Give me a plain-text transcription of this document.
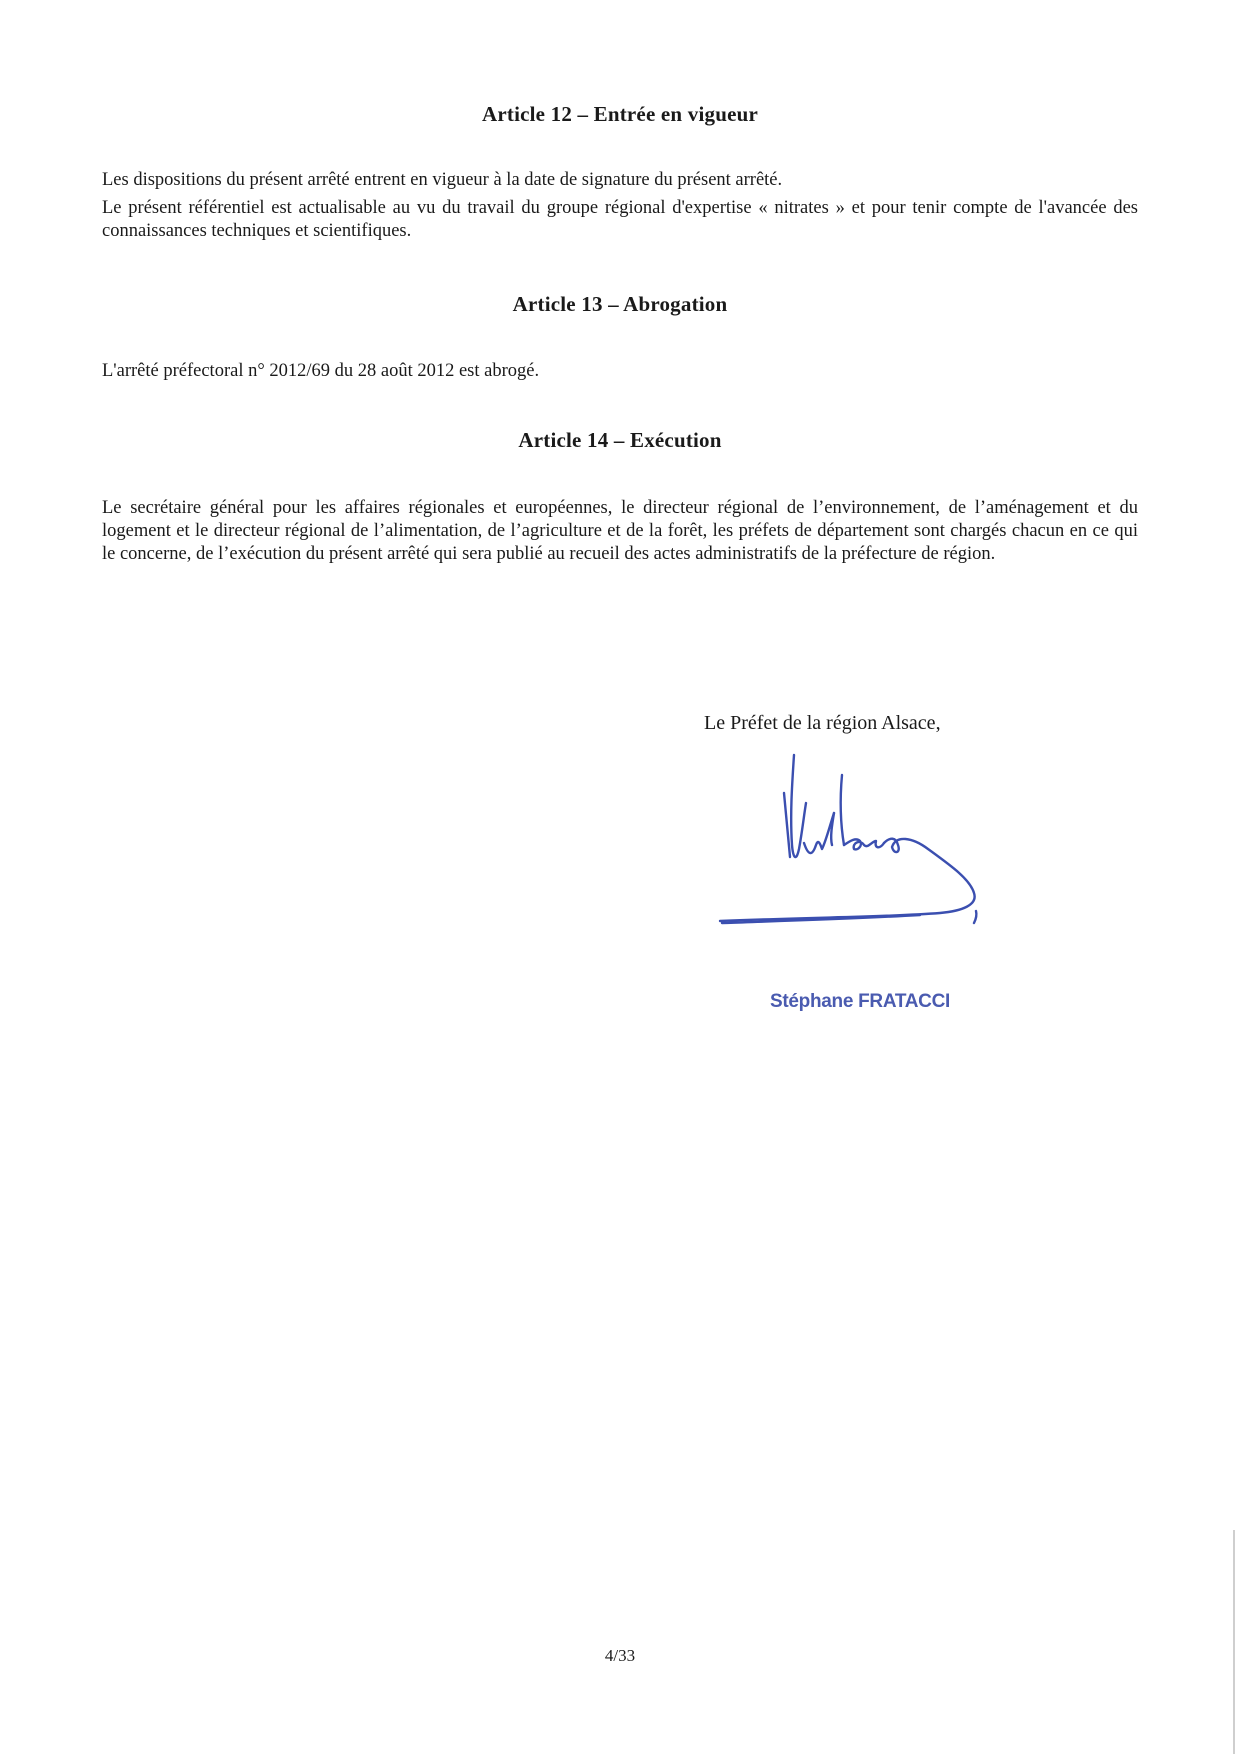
Article 12 – Entrée en vigueur

Les dispositions du présent arrêté entrent en vigueur à la date de signature du présent arrêté.

Le présent référentiel est actualisable au vu du travail du groupe régional d'expertise « nitrates » et pour tenir compte de l'avancée des connaissances techniques et scientifiques.

Article 13 – Abrogation

L'arrêté préfectoral n° 2012/69 du 28 août 2012 est abrogé.

Article 14 – Exécution

Le secrétaire général pour les affaires régionales et européennes, le directeur régional de l’environnement, de l’aménagement et du logement et le directeur régional de l’alimentation, de l’agriculture et de la forêt, les préfets de département sont chargés chacun en ce qui le concerne, de l’exécution du présent arrêté qui sera publié au recueil des actes administratifs de la préfecture de région.

Le Préfet de la région Alsace,
Stéphane FRATACCI
4/33
